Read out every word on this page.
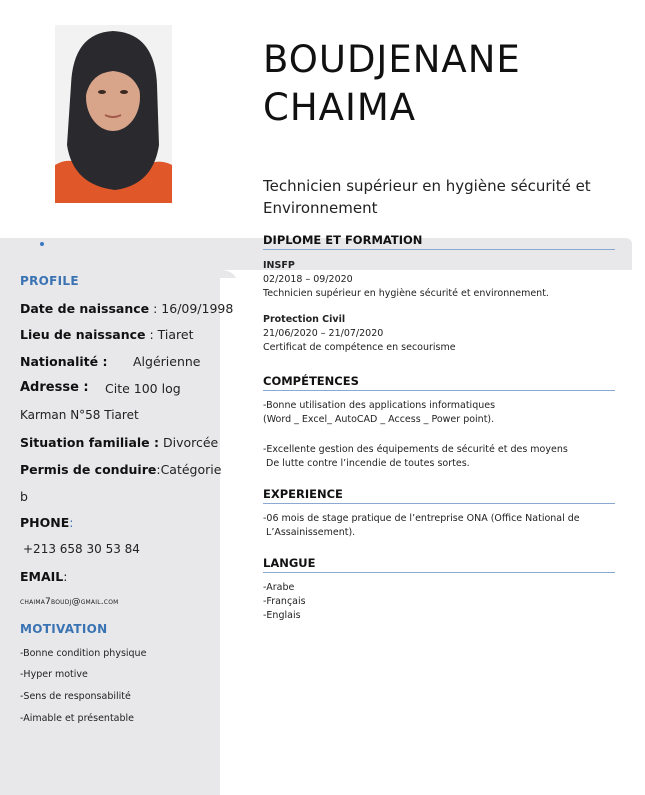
BOUDJENANE
CHAIMA
Technicien supérieur en hygiène sécurité et Environnement
PROFILE
Date de naissance : 16/09/1998
Lieu de naissance : Tiaret
Nationalité : Algérienne
Adresse : Cite 100 log
Karman N°58 Tiaret
Situation familiale : Divorcée
Permis de conduire:Catégorie
b
PHONE:
+213 658 30 53 84
EMAIL:
chaima7boudj@gmail.com
MOTIVATION
-Bonne condition physique
-Hyper motive
-Sens de responsabilité
-Aimable et présentable
DIPLOME ET FORMATION
INSFP
02/2018 – 09/2020
Technicien supérieur en hygiène sécurité et environnement.
Protection Civil
21/06/2020 – 21/07/2020
Certificat de compétence en secourisme
COMPÉTENCES
-Bonne utilisation des applications informatiques
(Word _ Excel_ AutoCAD _ Access _ Power point).
-Excellente gestion des équipements de sécurité et des moyens
De lutte contre l’incendie de toutes sortes.
EXPERIENCE
-06 mois de stage pratique de l’entreprise ONA (Office National de
L’Assainissement).
LANGUE
-Arabe
-Français
-Englais
